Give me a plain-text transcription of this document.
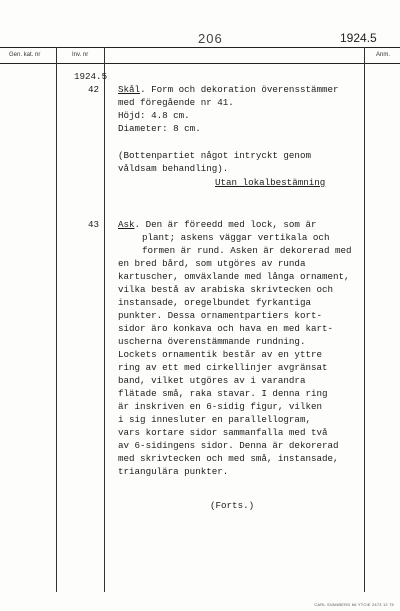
206	1924.5
Gen. kat. nr	Inv. nr	Anm.
1924.5
42 Skål. Form och dekoration överensstämmer
med föregående nr 41.
Höjd: 4.8 cm.
Diameter: 8 cm.
(Bottenpartiet något intryckt genom
våldsam behandling).
Utan lokalbestämning
43 Ask. Den är föreedd med lock, som är
plant; askens väggar vertikala och
formen är rund. Asken är dekorerad med
en bred bård, som utgöres av runda
kartuscher, omväxlande med långa ornament,
vilka bestå av arabiska skrivtecken och
instansade, oregelbundet fyrkantiga
punkter. Dessa ornamentpartiers kort-
sidor äro konkava och hava en med kart-
uscherna överenstämmande rundning.
Lockets ornamentik består av en yttre
ring av ett med cirkellinjer avgränsat
band, vilket utgöres av i varandra
flätade små, raka stavar. I denna ring
är inskriven en 6-sidig figur, vilken
i sig innesluter en parallellogram,
vars kortare sidor sammanfalla med två
av 6-sidingens sidor. Denna är dekorerad
med skrivtecken och med små, instansade,
triangulära punkter.
(Forts.)
CARL SVANBERG 66 YTCIE 2473 12 75
